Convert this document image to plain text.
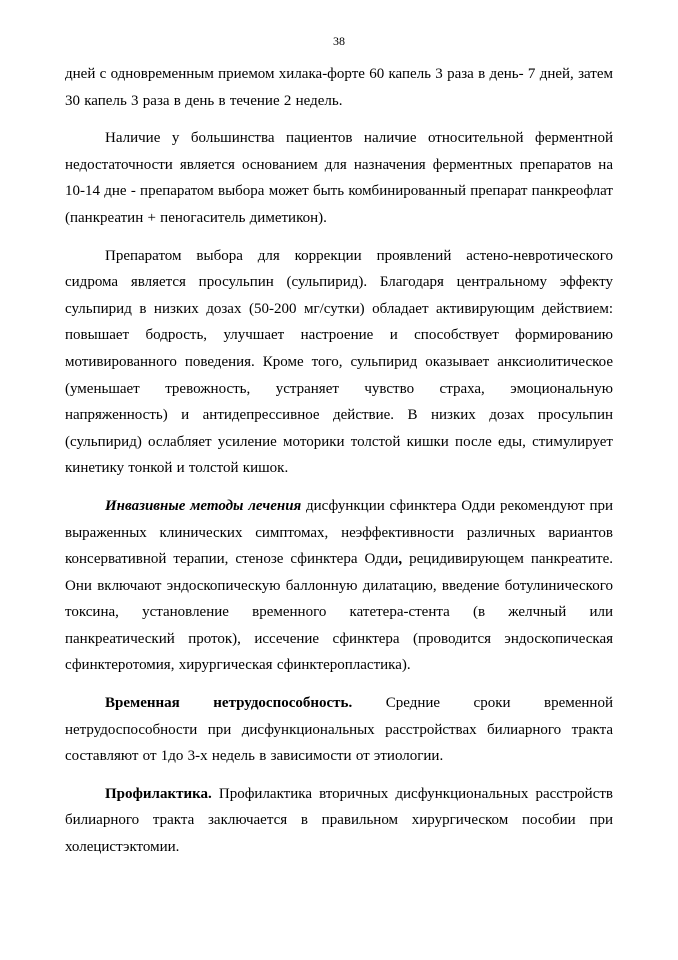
38

дней с одновременным приемом хилака-форте 60 капель 3 раза в день- 7 дней, затем 30 капель 3 раза в день в течение 2 недель.

Наличие у большинства пациентов наличие относительной ферментной недостаточности является основанием для назначения ферментных препаратов на 10-14 дне - препаратом выбора может быть комбинированный препарат панкреофлат (панкреатин + пеногаситель диметикон).

Препаратом выбора для коррекции проявлений астено-невротического сидрома является просульпин (сульпирид). Благодаря центральному эффекту сульпирид в низких дозах (50-200 мг/сутки) обладает активирующим действием: повышает бодрость, улучшает настроение и способствует формированию мотивированного поведения. Кроме того, сульпирид оказывает анксиолитическое (уменьшает тревожность, устраняет чувство страха, эмоциональную напряженность) и антидепрессивное действие. В низких дозах просульпин (сульпирид) ослабляет усиление моторики толстой кишки после еды, стимулирует кинетику тонкой и толстой кишок.

Инвазивные методы лечения дисфункции сфинктера Одди рекомендуют при выраженных клинических симптомах, неэффективности различных вариантов консервативной терапии, стенозе сфинктера Одди, рецидивирующем панкреатите. Они включают эндоскопическую баллонную дилатацию, введение ботулинического токсина, установление временного катетера-стента (в желчный или панкреатический проток), иссечение сфинктера (проводится эндоскопическая сфинктеротомия, хирургическая сфинктеропластика).

Временная нетрудоспособность. Средние сроки временной нетрудоспособности при дисфункциональных расстройствах билиарного тракта составляют от 1до 3-х недель в зависимости от этиологии.

Профилактика. Профилактика вторичных дисфункциональных расстройств билиарного тракта заключается в правильном хирургическом пособии при холецистэктомии.
